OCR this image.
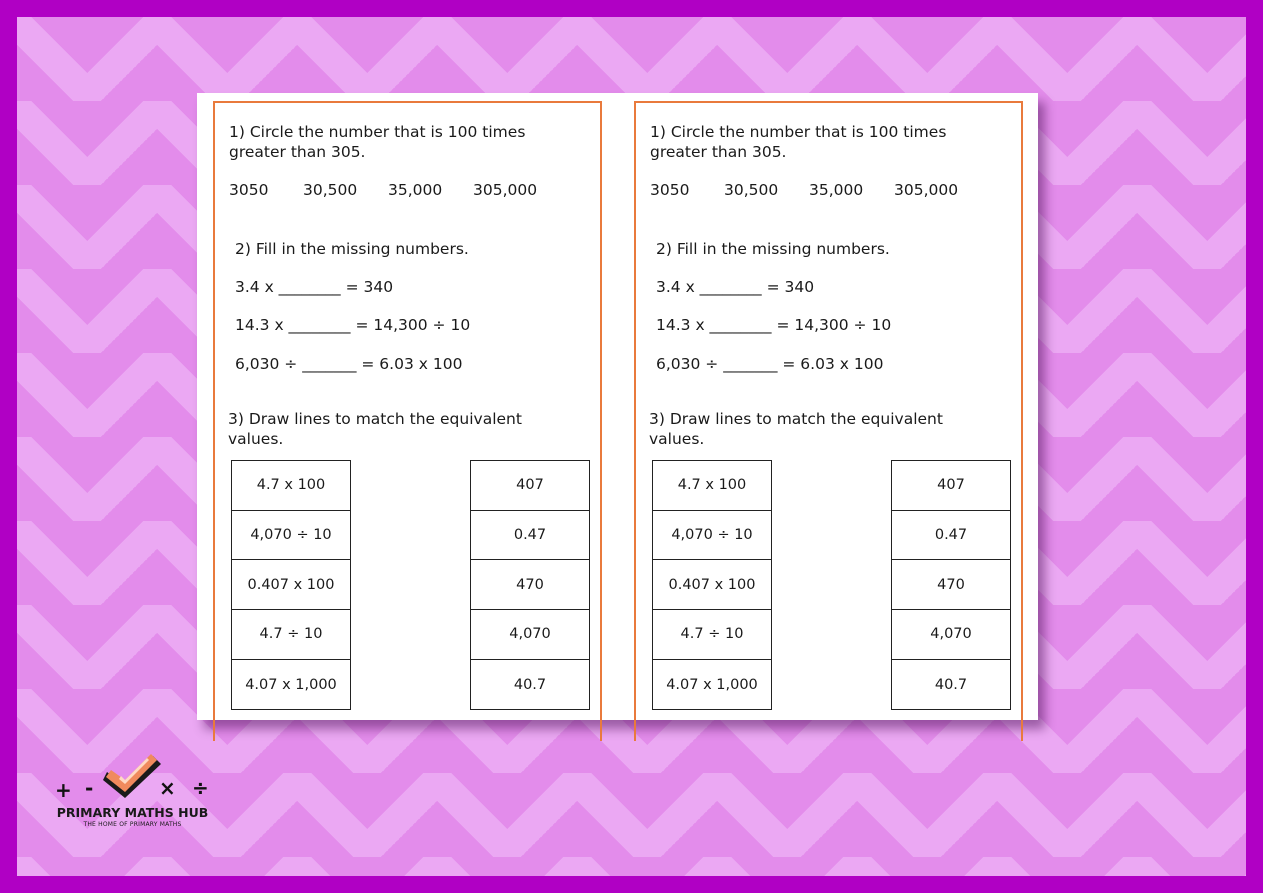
1) Circle the number that is 100 times
greater than 305.
3050 30,500 35,000 305,000
2) Fill in the missing numbers.
3.4 x ________ = 340
14.3 x ________ = 14,300 ÷ 10
6,030 ÷ _______ = 6.03 x 100
3) Draw lines to match the equivalent
values.
4.7 x 100
4,070 ÷ 10
0.407 x 100
4.7 ÷ 10
4.07 x 1,000
407
0.47
470
4,070
40.7
1) Circle the number that is 100 times
greater than 305.
3050 30,500 35,000 305,000
2) Fill in the missing numbers.
3.4 x ________ = 340
14.3 x ________ = 14,300 ÷ 10
6,030 ÷ _______ = 6.03 x 100
3) Draw lines to match the equivalent
values.
4.7 x 100
4,070 ÷ 10
0.407 x 100
4.7 ÷ 10
4.07 x 1,000
407
0.47
470
4,070
40.7
+ -	× ÷
PRIMARY MATHS HUB
THE HOME OF PRIMARY MATHS
